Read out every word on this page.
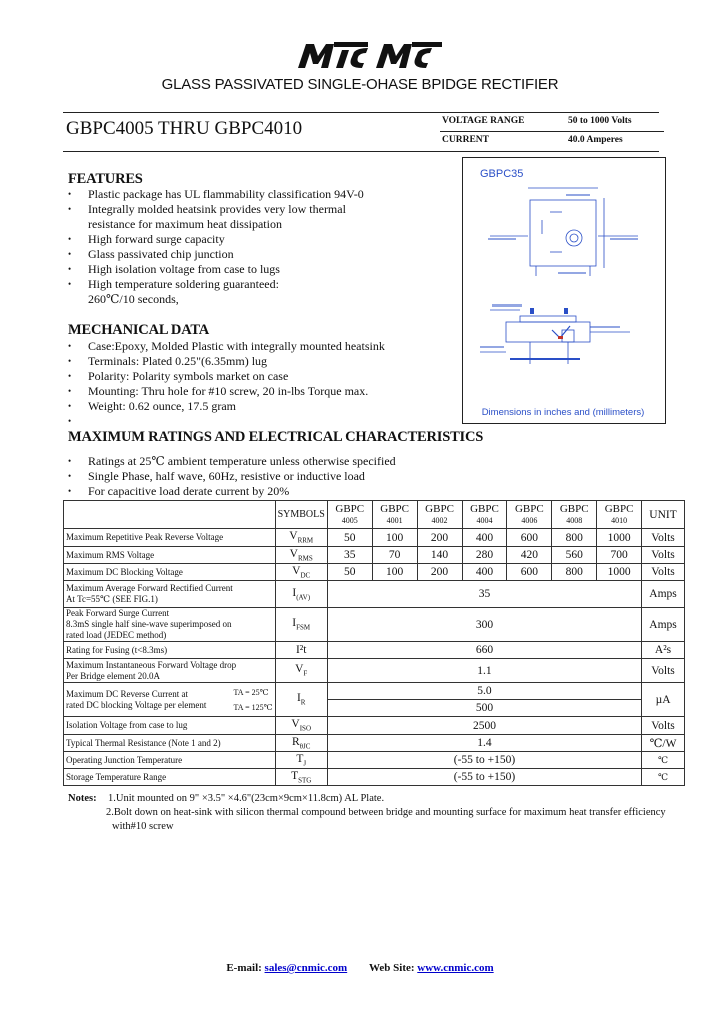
GLASS PASSIVATED SINGLE-OHASE BPIDGE RECTIFIER
GBPC4005 THRU GBPC4010	VOLTAGE RANGE	50 to 1000 Volts
CURRENT	40.0 Amperes
FEATURES
• Plastic package has UL flammability classification 94V-0
• Integrally molded heatsink provides very low thermal
resistance for maximum heat dissipation
• High forward surge capacity
• Glass passivated chip junction
• High isolation voltage from case to lugs
• High temperature soldering guaranteed:
260℃/10 seconds,
MECHANICAL DATA
• Case:Epoxy, Molded Plastic with integrally mounted heatsink
• Terminals: Plated 0.25"(6.35mm) lug
• Polarity: Polarity symbols market on case
• Mounting: Thru hole for #10 screw, 20 in-lbs Torque max.
• Weight: 0.62 ounce, 17.5 gram
GBPC35
Dimensions in inches and (millimeters)
MAXIMUM RATINGS AND ELECTRICAL CHARACTERISTICS
• Ratings at 25℃ ambient temperature unless otherwise specified
• Single Phase, half wave, 60Hz, resistive or inductive load
• For capacitive load derate current by 20%
	SYMBOLS	GBPC
4005	GBPC
4001	GBPC
4002	GBPC
4004	GBPC
4006	GBPC
4008	GBPC
4010	UNIT
Maximum Repetitive Peak Reverse Voltage	$V_{RRM}$	50	100	200	400	600	800	1000	Volts
Maximum RMS Voltage	$V_{RMS}$	35	70	140	280	420	560	700	Volts
Maximum DC Blocking Voltage	$V_{DC}$	50	100	200	400	600	800	1000	Volts

Maximum Average Forward Rectified Current
At Tc=55℃ (SEE FIG.1)	$I_{(AV)}$	35							Amps

Peak Forward Surge Current
8.3mS single half sine-wave superimposed on
rated load (JEDEC method)	$I_{FSM}$	300							Amps
Rating for Fusing (t<8.3ms)	I²t	660							A²s

Maximum Instantaneous Forward Voltage drop
Per Bridge element 20.0A	$V_F$	1.1							Volts

Maximum DC Reverse Current at
rated DC blocking Voltage per element
TA = 25℃
TA = 125℃	$I_R$	5.0							µA
		500							
Isolation Voltage from case to lug	$V_{ISO}$	2500							Volts
Typical Thermal Resistance (Note 1 and 2)	$R_{\theta JC}$	1.4							℃/W
Operating Junction Temperature	$T_J$	(-55 to +150)							℃
Storage Temperature Range	$T_{STG}$	(-55 to +150)							℃
Notes:	1.Unit mounted on 9" ×3.5" ×4.6"(23cm×9cm×11.8cm) AL Plate.
2.Bolt down on heat-sink with silicon thermal compound between bridge and mounting surface for maximum heat transfer efficiency
with#10 screw
E-mail: sales@cnmic.com Web Site: www.cnmic.com
